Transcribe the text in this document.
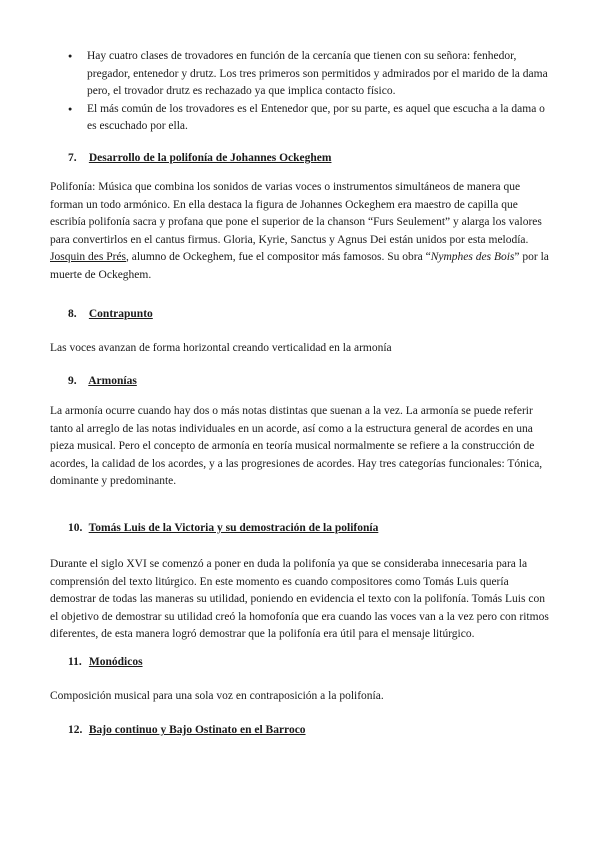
● Hay cuatro clases de trovadores en función de la cercanía que tienen con su señora: fenhedor, pregador, entenedor y drutz. Los tres primeros son permitidos y admirados por el marido de la dama pero, el trovador drutz es rechazado ya que implica contacto físico.
● El más común de los trovadores es el Entenedor que, por su parte, es aquel que escucha a la dama o es escuchado por ella.
7. Desarrollo de la polifonía de Johannes Ockeghem

Polifonía: Música que combina los sonidos de varias voces o instrumentos simultáneos de manera que forman un todo armónico. En ella destaca la figura de Johannes Ockeghem era maestro de capilla que escribía polifonía sacra y profana que pone el superior de la chanson “Furs Seulement” y alarga los valores para convertirlos en el cantus firmus. Gloria, Kyrie, Sanctus y Agnus Dei están unidos por esta melodía. Josquin des Prés, alumno de Ockeghem, fue el compositor más famosos. Su obra “Nymphes des Bois” por la muerte de Ockeghem.

8. Contrapunto

Las voces avanzan de forma horizontal creando verticalidad en la armonía

9. Armonías

La armonía ocurre cuando hay dos o más notas distintas que suenan a la vez. La armonía se puede referir tanto al arreglo de las notas individuales en un acorde, así como a la estructura general de acordes en una pieza musical. Pero el concepto de armonía en teoría musical normalmente se refiere a la construcción de acordes, la calidad de los acordes, y a las progresiones de acordes. Hay tres categorías funcionales: Tónica, dominante y predominante.

10. Tomás Luis de la Victoria y su demostración de la polifonía

Durante el siglo XVI se comenzó a poner en duda la polifonía ya que se consideraba innecesaria para la comprensión del texto litúrgico. En este momento es cuando compositores como Tomás Luis quería demostrar de todas las maneras su utilidad, poniendo en evidencia el texto con la polifonía. Tomás Luis con el objetivo de demostrar su utilidad creó la homofonía que era cuando las voces van a la vez pero con ritmos diferentes, de esta manera logró demostrar que la polifonía era útil para el mensaje litúrgico.

11. Monódicos

Composición musical para una sola voz en contraposición a la polifonía.

12. Bajo continuo y Bajo Ostinato en el Barroco
